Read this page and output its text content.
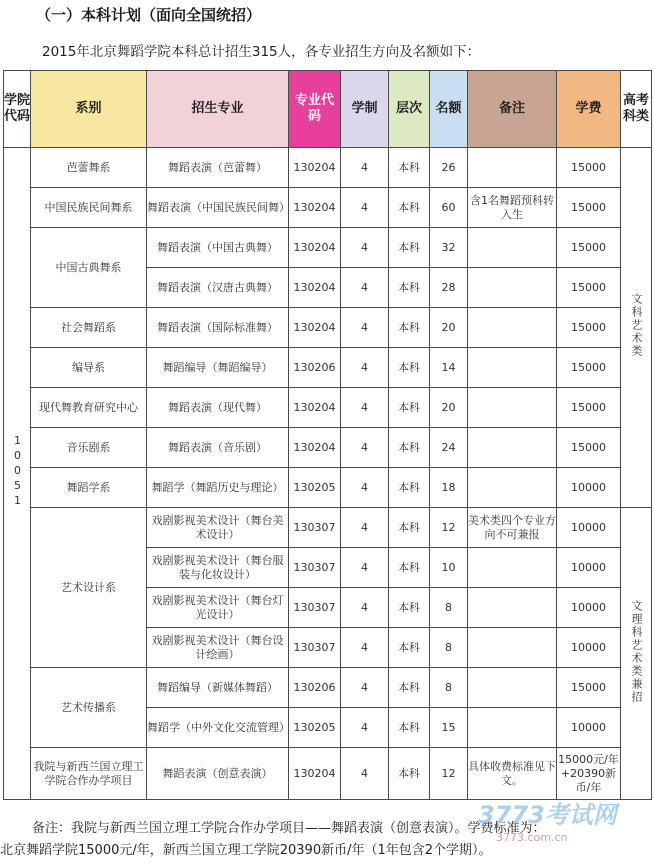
（一）本科计划（面向全国统招）
2015年北京舞蹈学院本科总计招生315人，各专业招生方向及名额如下：
学院代码	系别	招生专业	专业代码	学制	层次	名额	备注	学费	高考科类
10051	芭蕾舞系	舞蹈表演（芭蕾舞）	130204	4	本科	26		15000	文科艺术类
	中国民族民间舞系	舞蹈表演（中国民族民间舞）	130204	4	本科	60	含1名舞蹈预科转入生	15000	
	中国古典舞系	舞蹈表演（中国古典舞）	130204	4	本科	32		15000	
		舞蹈表演（汉唐古典舞）	130204	4	本科	28		15000	
	社会舞蹈系	舞蹈表演（国际标准舞）	130204	4	本科	20		15000	
	编导系	舞蹈编导（舞蹈编导）	130206	4	本科	14		15000	
	现代舞教育研究中心	舞蹈表演（现代舞）	130204	4	本科	20		15000	
	音乐剧系	舞蹈表演（音乐剧）	130204	4	本科	24		15000	
	舞蹈学系	舞蹈学（舞蹈历史与理论）	130205	4	本科	18		10000	
	艺术设计系	戏剧影视美术设计（舞台美术设计）	130307	4	本科	12	美术类四个专业方向不可兼报	10000	文理科艺术类兼招
		戏剧影视美术设计（舞台服装与化妆设计）	130307	4	本科	10		10000	
		戏剧影视美术设计（舞台灯光设计）	130307	4	本科	8		10000	
		戏剧影视美术设计（舞台设计绘画）	130307	4	本科	8		10000	
	艺术传播系	舞蹈编导（新媒体舞蹈）	130206	4	本科	8		15000	
		舞蹈学（中外文化交流管理）	130205	4	本科	15		10000	
	我院与新西兰国立理工学院合作办学项目	舞蹈表演（创意表演）	130204	4	本科	12	具体收费标准见下文。	15000元/年+20390新币/年	
备注：我院与新西兰国立理工学院合作办学项目——舞蹈表演（创意表演）。学费标准为：
北京舞蹈学院15000元/年，新西兰国立理工学院20390新币/年（1年包含2个学期）。
3773考试网
3773.com.cn
